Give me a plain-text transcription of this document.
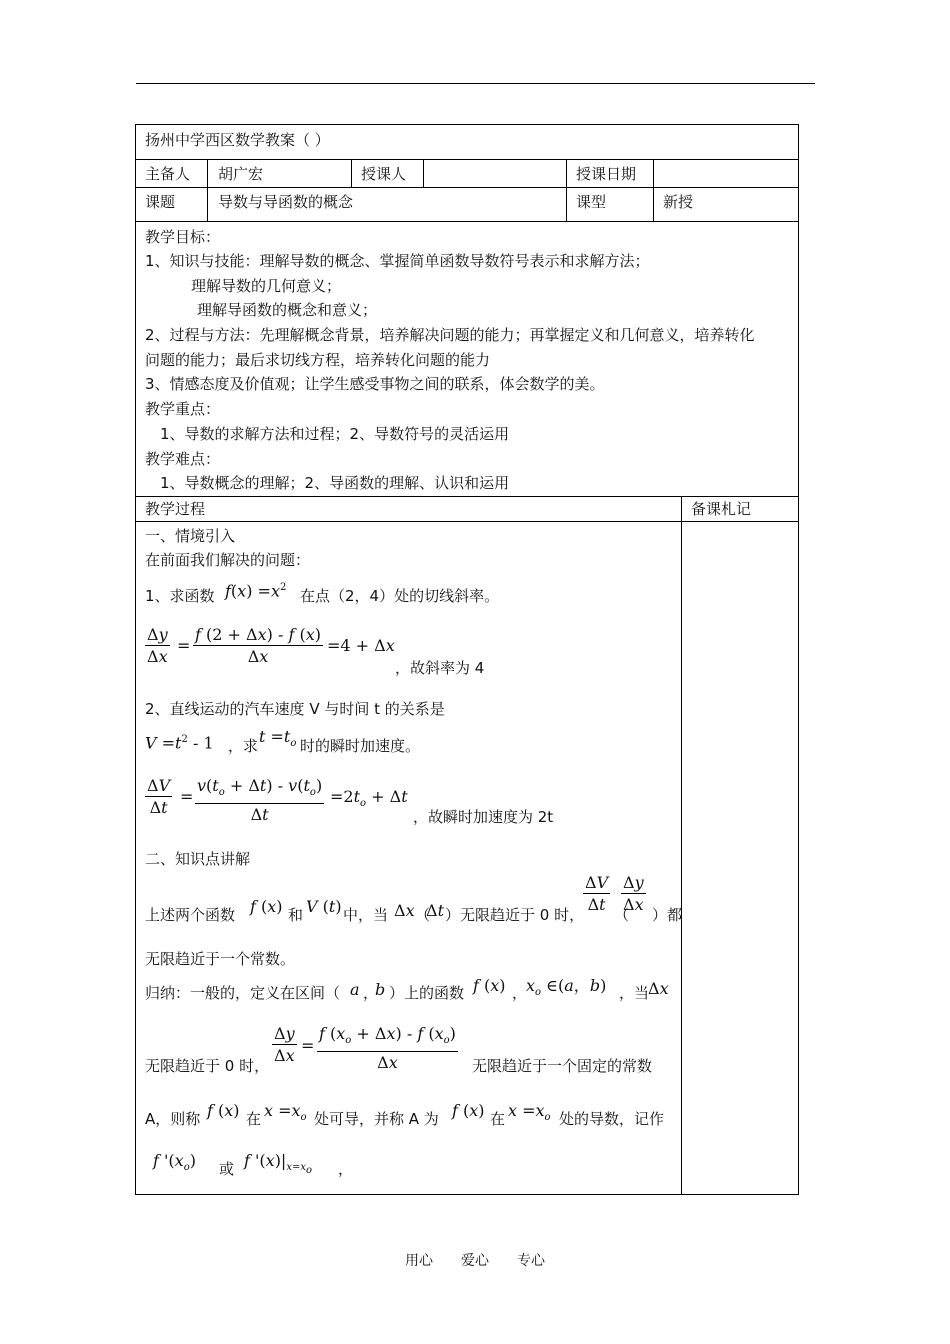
扬州中学西区数学教案（ ）
主备人 胡广宏	授课人	授课日期
课题	导数与导函数的概念	课型	新授
教学目标：
1、知识与技能：理解导数的概念、掌握简单函数导数符号表示和求解方法；
理解导数的几何意义；
理解导函数的概念和意义；
2、过程与方法：先理解概念背景，培养解决问题的能力；再掌握定义和几何意义，培养转化
问题的能力；最后求切线方程，培养转化问题的能力
3、情感态度及价值观；让学生感受事物之间的联系，体会数学的美。
教学重点：
1、导数的求解方法和过程；2、导数符号的灵活运用
教学难点：
1、导数概念的理解；2、导函数的理解、认识和运用
教学过程	备课札记
一、情境引入
在前面我们解决的问题：
1、求函数 $f(x) =x^2$ 在点（2，4）处的切线斜率。
$\frac{\Delta y}{\Delta x} = \frac{f (2 + \Delta x) - f (x)}{\Delta x} =4 + \Delta x$
，故斜率为 4
2、直线运动的汽车速度 V 与时间 t 的关系是
$V =t^2 - 1$ ，求 $t =t_o$ 时的瞬时加速度。
$\frac{\Delta V}{\Delta t} = \frac{v(t_o + \Delta t) - v(t_o)}{\Delta t} =2t_o + \Delta t$
，故瞬时加速度为 2t
二、知识点讲解
上述两个函数 f (x) 和 V (t) 中，当 Δx （
Δt ）无限趋近于 0 时，
$\frac{\Delta V}{\Delta t}$ （
$\frac{\Delta y}{\Delta x}$ ）都
无限趋近于一个常数。
归纳：一般的，定义在区间（ a ，
b ）上的函数 f (x) ，
$x_o$ ∈(a，b) ，当
Δx
无限趋近于 0 时， $\frac{\Delta y}{\Delta x} = \frac{f (x_o + \Delta x) - f (x_o)}{\Delta x}$ 无限趋近于一个固定的常数
A，则称 f (x) 在 $x =x_o$ 处可导，并称 A 为 f (x) 在 $x =x_o$ 处的导数，记作
f '$(x_o)$ 或 f '$(x)|_{x=x_o}$ ，
用心　　爱心　　专心
